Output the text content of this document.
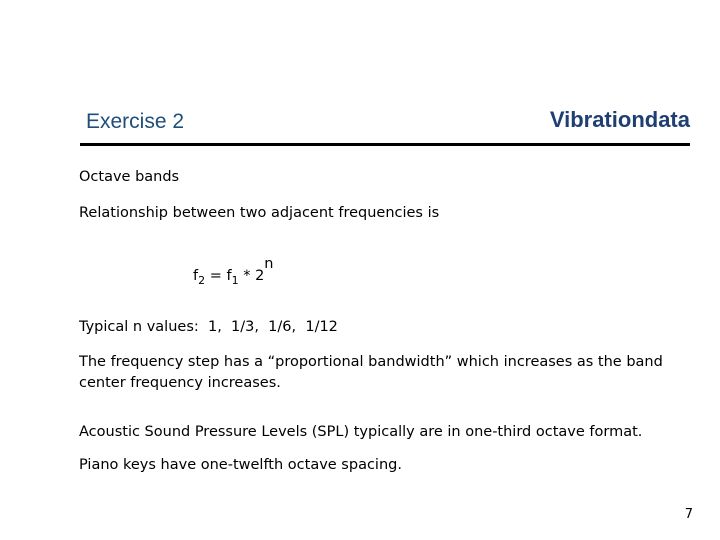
Exercise 2	Vibrationdata
Octave bands
Relationship between two adjacent frequencies is
$f_2 = f_1 * 2^n$
Typical n values:  1,  1/3,  1/6,  1/12
The frequency step has a “proportional bandwidth” which increases as the band center frequency increases.
Acoustic Sound Pressure Levels (SPL) typically are in one-third octave format.
Piano keys have one-twelfth octave spacing.
7
